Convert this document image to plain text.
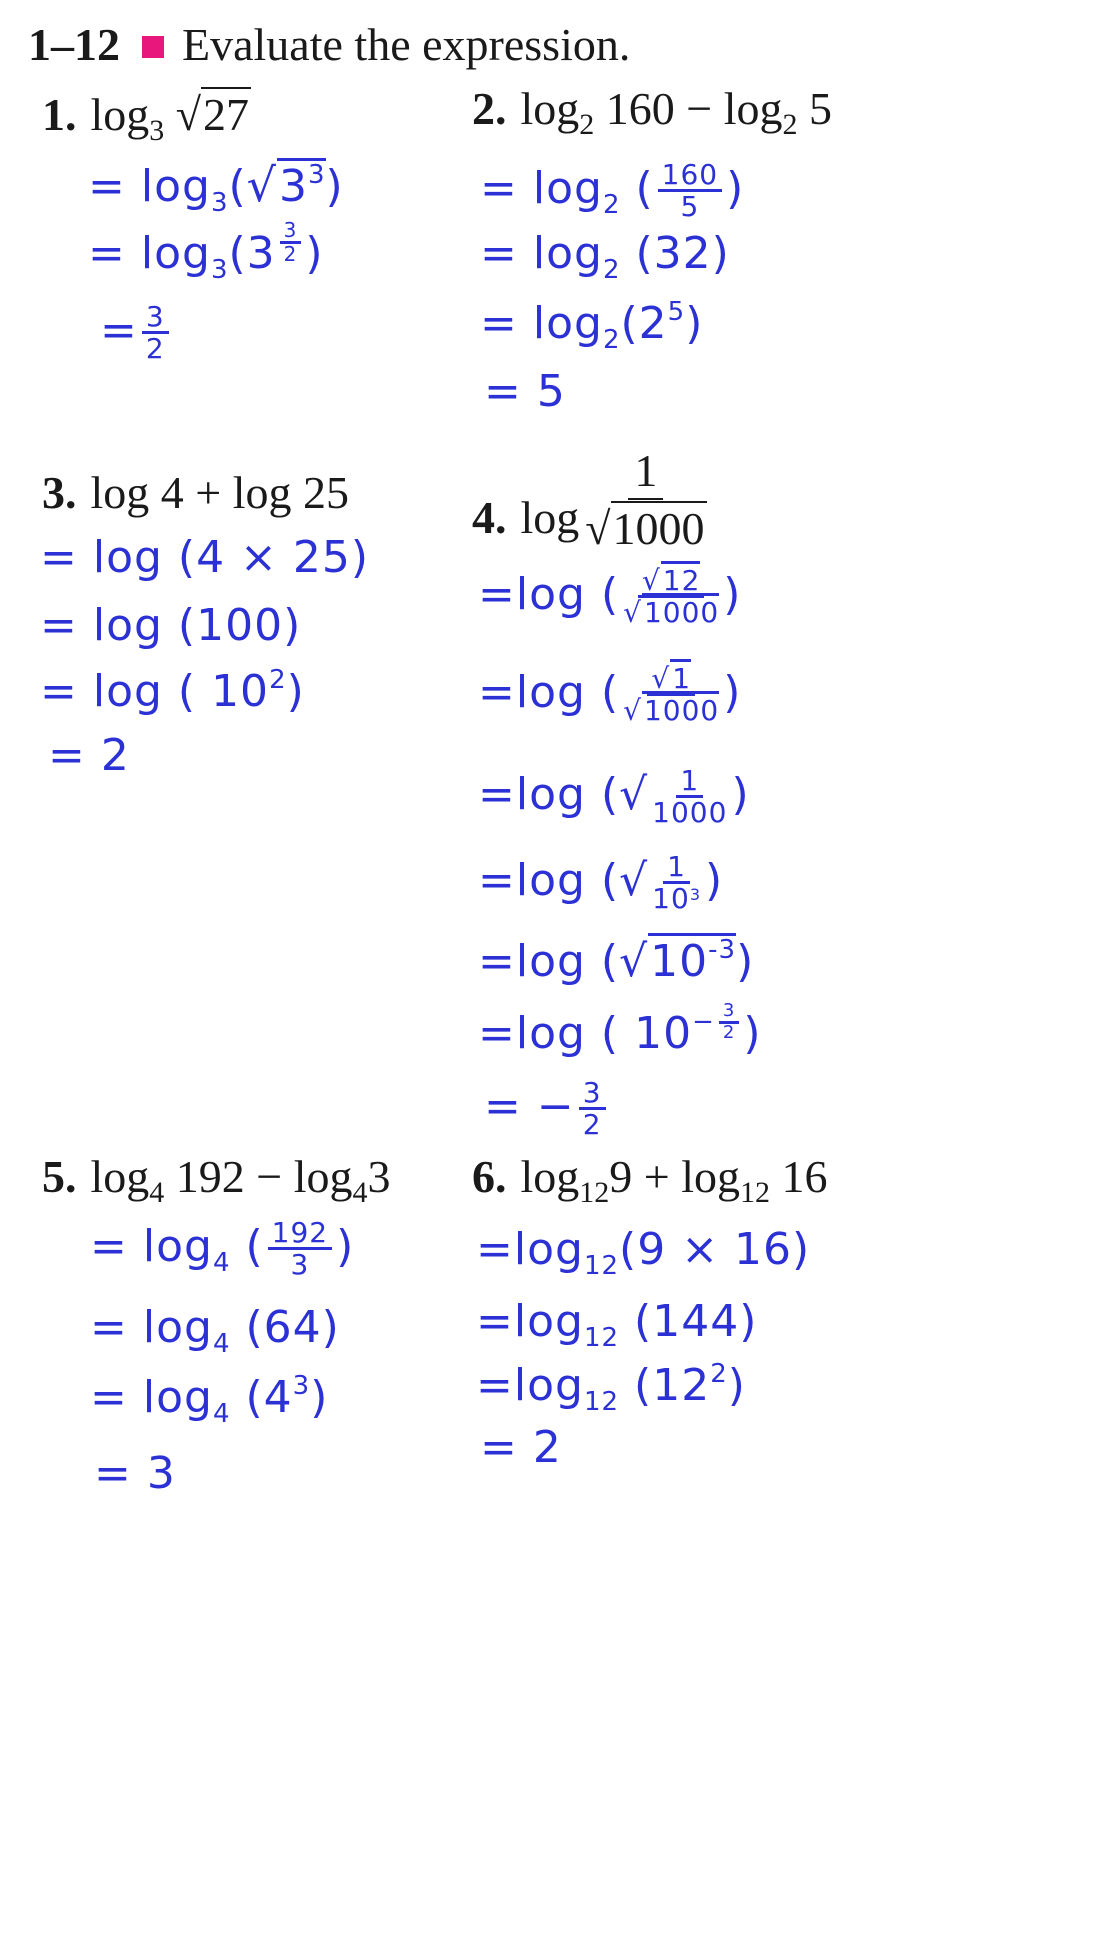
1–12 Evaluate the expression.
1. $\log_3 √27$
= $\log_3(√3^3)$
= $\log_3(3 \frac{3}{2}$ )
= $\frac{3}{2}$
2. $\log_2 160 - \log_2 5$
= $\log_2$ ( $\frac{160}{5}$ )
= $\log_2 (32)$
= $\log_2(2^5)$
= 5
3. log 4 + log 25
= log (4 × 25)
= log (100)
= log ( $10^2$)
= 2
4. $\log \frac{1}{√1000}$
=log ( $\frac{√12}{√1000}$ )
=log ( $\frac{√1}{√1000}$ )
=log (√ $\frac{1}{1000}$ )
=log (√ $\frac{1}{10^3}$ )
=log $(√10^{-3})$
=log ( $10^{- \frac{3}{2}}$ )
= − $\frac{3}{2}$
5. $\log_4 192 - \log_43$
= $\log_4$ ( $\frac{192}{3}$ )
= $\log_4 (64)$
= $\log_4 (4^3)$
= 3
6. $\log_{12}9 + \log_{12} 16$
$=\log_{12}(9 \times 16)$
$=\log_{12}$ (144)
$=\log_{12}$ $(12^2)$
= 2
